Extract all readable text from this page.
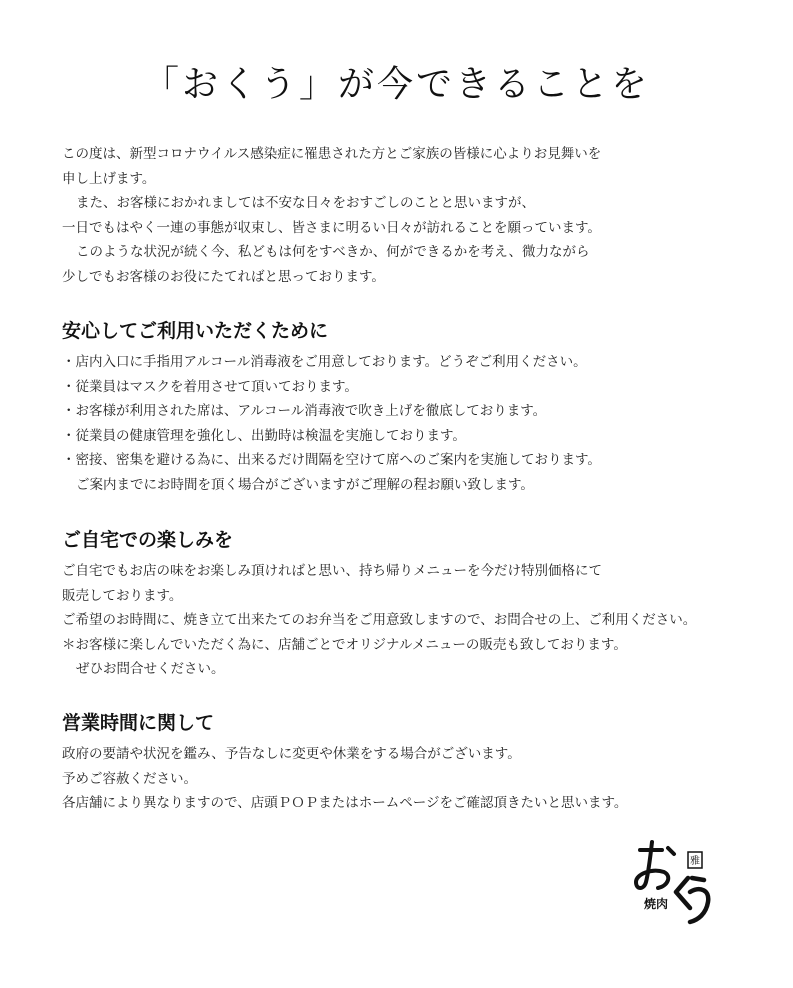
「おくう」が今できることを
この度は、新型コロナウイルス感染症に罹患された方とご家族の皆様に心よりお見舞いを
申し上げます。
また、お客様におかれましては不安な日々をおすごしのことと思いますが、
一日でもはやく一連の事態が収束し、皆さまに明るい日々が訪れることを願っています。
このような状況が続く今、私どもは何をすべきか、何ができるかを考え、微力ながら
少しでもお客様のお役にたてればと思っております。
安心してご利用いただくために
・店内入口に手指用アルコール消毒液をご用意しております。どうぞご利用ください。
・従業員はマスクを着用させて頂いております。
・お客様が利用された席は、アルコール消毒液で吹き上げを徹底しております。
・従業員の健康管理を強化し、出勤時は検温を実施しております。
・密接、密集を避ける為に、出来るだけ間隔を空けて席へのご案内を実施しております。
ご案内までにお時間を頂く場合がございますがご理解の程お願い致します。
ご自宅での楽しみを
ご自宅でもお店の味をお楽しみ頂ければと思い、持ち帰りメニューを今だけ特別価格にて
販売しております。
ご希望のお時間に、焼き立て出来たてのお弁当をご用意致しますので、お問合せの上、ご利用ください。
＊お客様に楽しんでいただく為に、店舗ごとでオリジナルメニューの販売も致しております。
ぜひお問合せください。
営業時間に関して
政府の要請や状況を鑑み、予告なしに変更や休業をする場合がございます。
予めご容赦ください。
各店舗により異なりますので、店頭ＰＯＰまたはホームページをご確認頂きたいと思います。
雅
焼肉
